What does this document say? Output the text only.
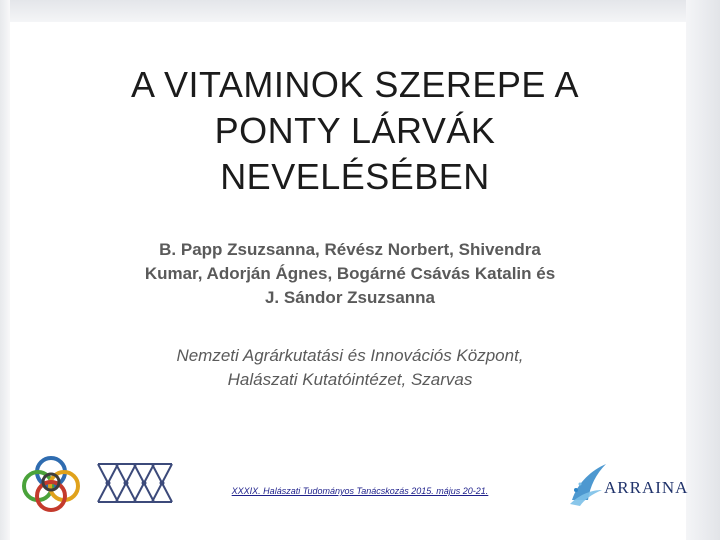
A VITAMINOK SZEREPE A
PONTY LÁRVÁK
NEVELÉSÉBEN
B. Papp Zsuzsanna, Révész Norbert, Shivendra
Kumar, Adorján Ágnes, Bogárné Csávás Katalin és
J. Sándor Zsuzsanna
Nemzeti Agrárkutatási és Innovációs Központ,
Halászati Kutatóintézet, Szarvas
XXXIX. Halászati Tudományos Tanácskozás 2015. május 20-21.	ARRAINA
